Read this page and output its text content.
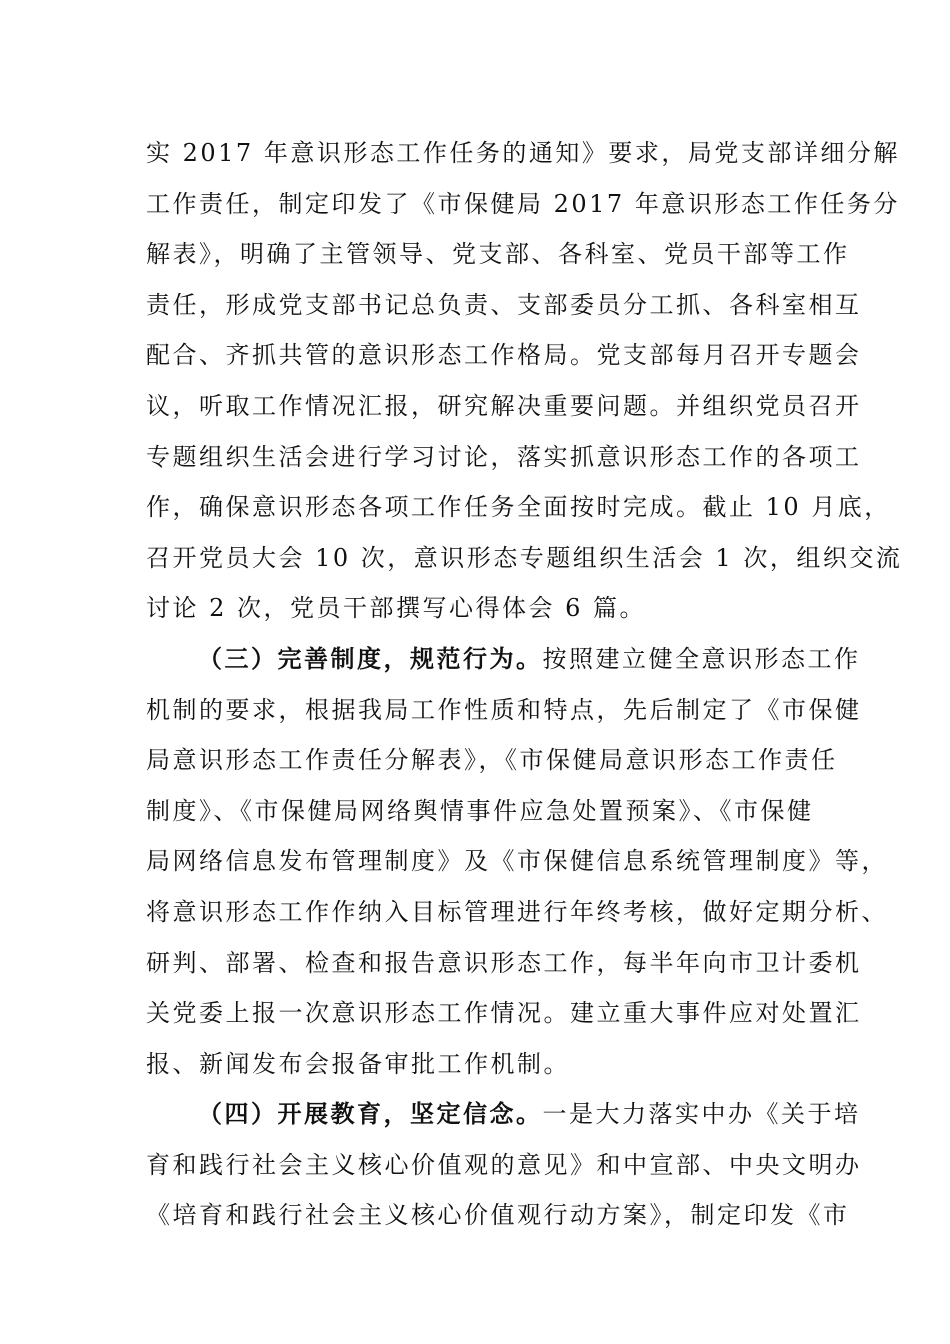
实 2017 年意识形态工作任务的通知》要求，局党支部详细分解
工作责任，制定印发了《市保健局 2017 年意识形态工作任务分
解表》，明确了主管领导、党支部、各科室、党员干部等工作
责任，形成党支部书记总负责、支部委员分工抓、各科室相互
配合、齐抓共管的意识形态工作格局。党支部每月召开专题会
议，听取工作情况汇报，研究解决重要问题。并组织党员召开
专题组织生活会进行学习讨论，落实抓意识形态工作的各项工
作，确保意识形态各项工作任务全面按时完成。截止 10 月底，
召开党员大会 10 次，意识形态专题组织生活会 1 次，组织交流
讨论 2 次，党员干部撰写心得体会 6 篇。
（三）完善制度，规范行为。按照建立健全意识形态工作
机制的要求，根据我局工作性质和特点，先后制定了《市保健
局意识形态工作责任分解表》，《市保健局意识形态工作责任
制度》、《市保健局网络舆情事件应急处置预案》、《市保健
局网络信息发布管理制度》及《市保健信息系统管理制度》等，
将意识形态工作作纳入目标管理进行年终考核，做好定期分析、
研判、部署、检查和报告意识形态工作，每半年向市卫计委机
关党委上报一次意识形态工作情况。建立重大事件应对处置汇
报、新闻发布会报备审批工作机制。
（四）开展教育，坚定信念。一是大力落实中办《关于培
育和践行社会主义核心价值观的意见》和中宣部、中央文明办
《培育和践行社会主义核心价值观行动方案》，制定印发《市
